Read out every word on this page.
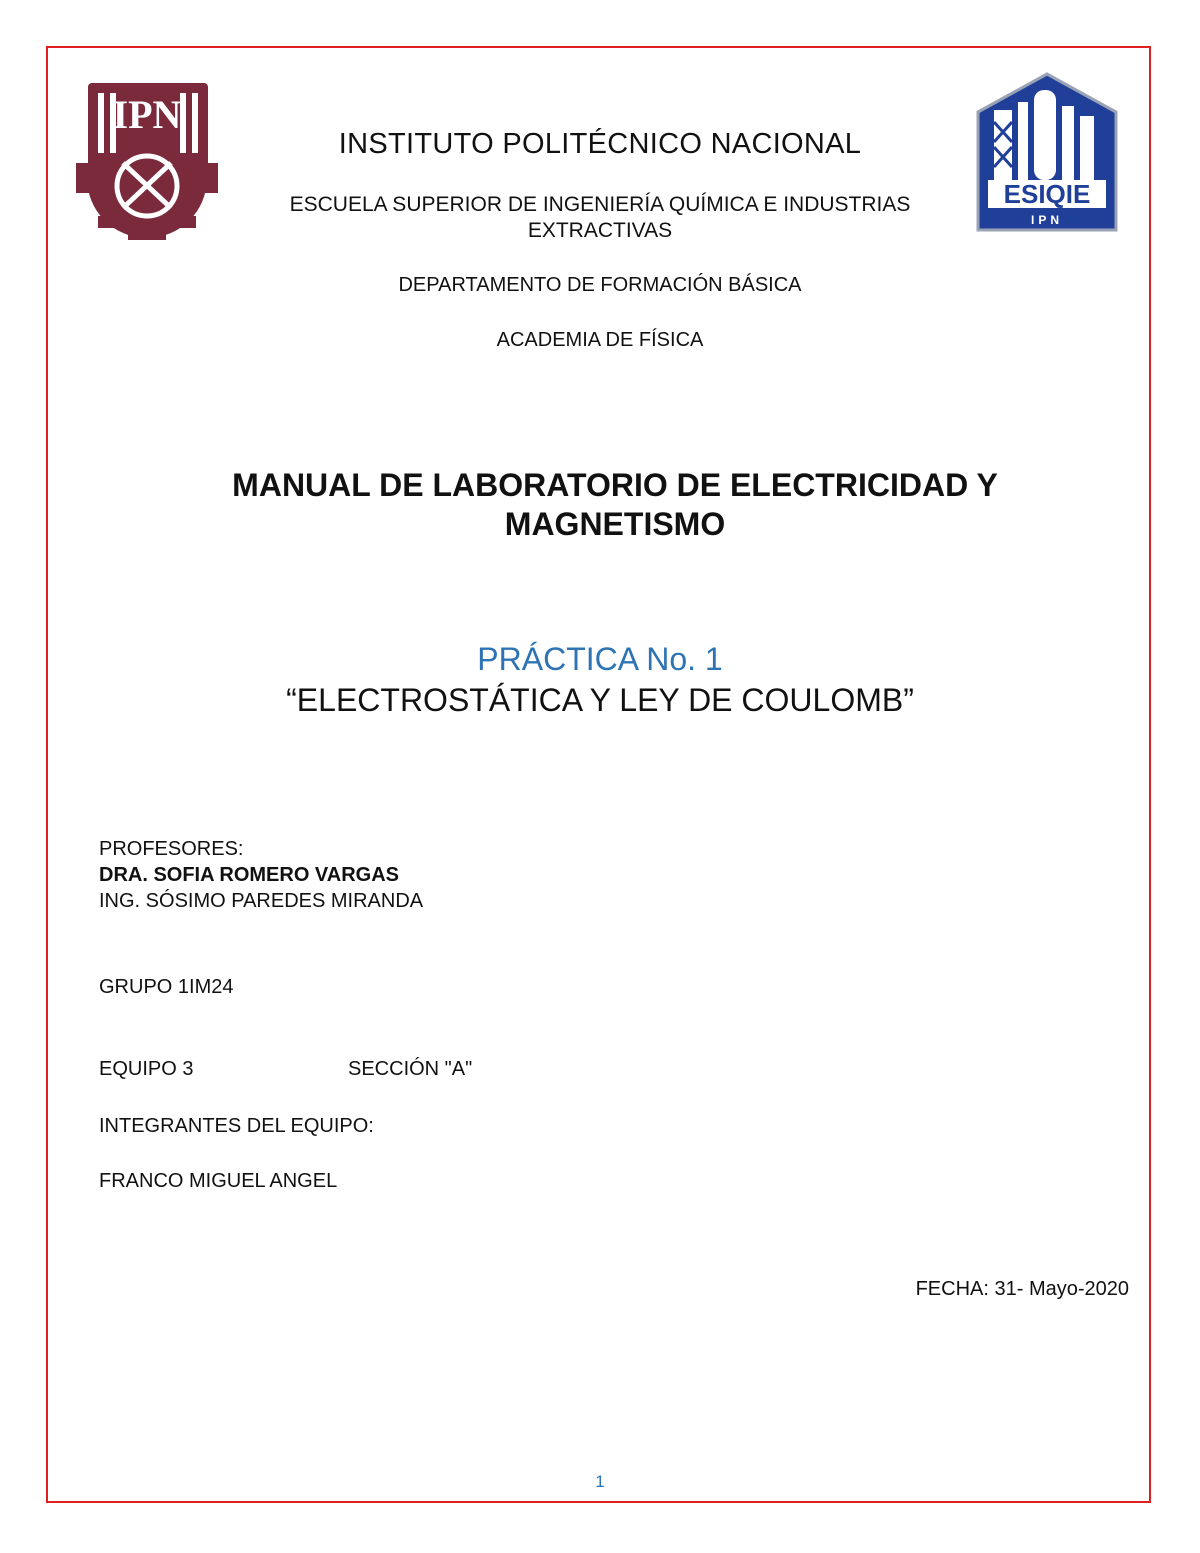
IPN
ESIQIE
IPN
INSTITUTO POLITÉCNICO NACIONAL
ESCUELA SUPERIOR DE INGENIERÍA QUÍMICA E INDUSTRIAS
EXTRACTIVAS
DEPARTAMENTO DE FORMACIÓN BÁSICA
ACADEMIA DE FÍSICA
MANUAL DE LABORATORIO DE ELECTRICIDAD Y
MAGNETISMO
PRÁCTICA No. 1
“ELECTROSTÁTICA Y LEY DE COULOMB”
PROFESORES:
DRA. SOFIA ROMERO VARGAS
ING. SÓSIMO PAREDES MIRANDA
GRUPO 1IM24
EQUIPO 3	SECCIÓN "A"
INTEGRANTES DEL EQUIPO:
FRANCO MIGUEL ANGEL
FECHA: 31- Mayo-2020
1
